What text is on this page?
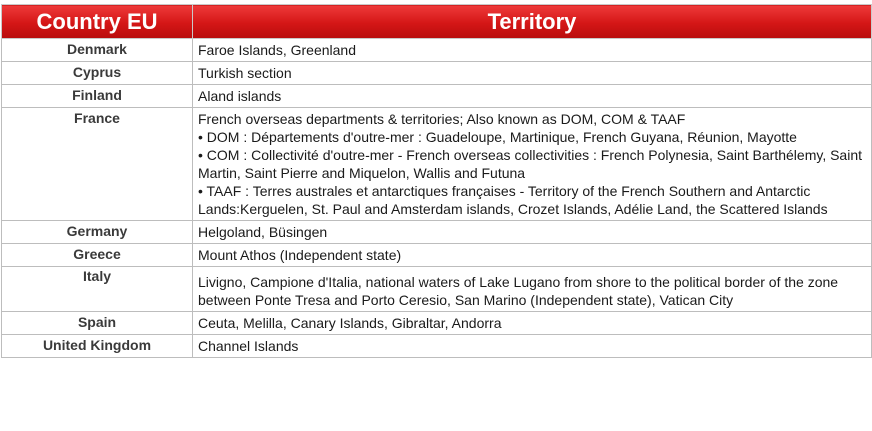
Country EU	Territory
Denmark	Faroe Islands, Greenland

Cyprus	Turkish section

Finland	Aland islands

France	French overseas departments & territories; Also known as DOM, COM & TAAF
• DOM : Départements d'outre-mer : Guadeloupe, Martinique, French Guyana, Réunion, Mayotte
• COM : Collectivité d'outre-mer - French overseas collectivities : French Polynesia, Saint Barthélemy, Saint Martin, Saint Pierre and Miquelon, Wallis and Futuna
• TAAF : Terres australes et antarctiques françaises - Territory of the French Southern and Antarctic Lands:Kerguelen, St. Paul and Amsterdam islands, Crozet Islands, Adélie Land, the Scattered Islands

Germany	Helgoland, Büsingen

Greece	Mount Athos (Independent state)

Italy	Livigno, Campione d'Italia, national waters of Lake Lugano from shore to the political border of the zone between Ponte Tresa and Porto Ceresio, San Marino (Independent state), Vatican City

Spain	Ceuta, Melilla, Canary Islands, Gibraltar, Andorra

United Kingdom	Channel Islands
